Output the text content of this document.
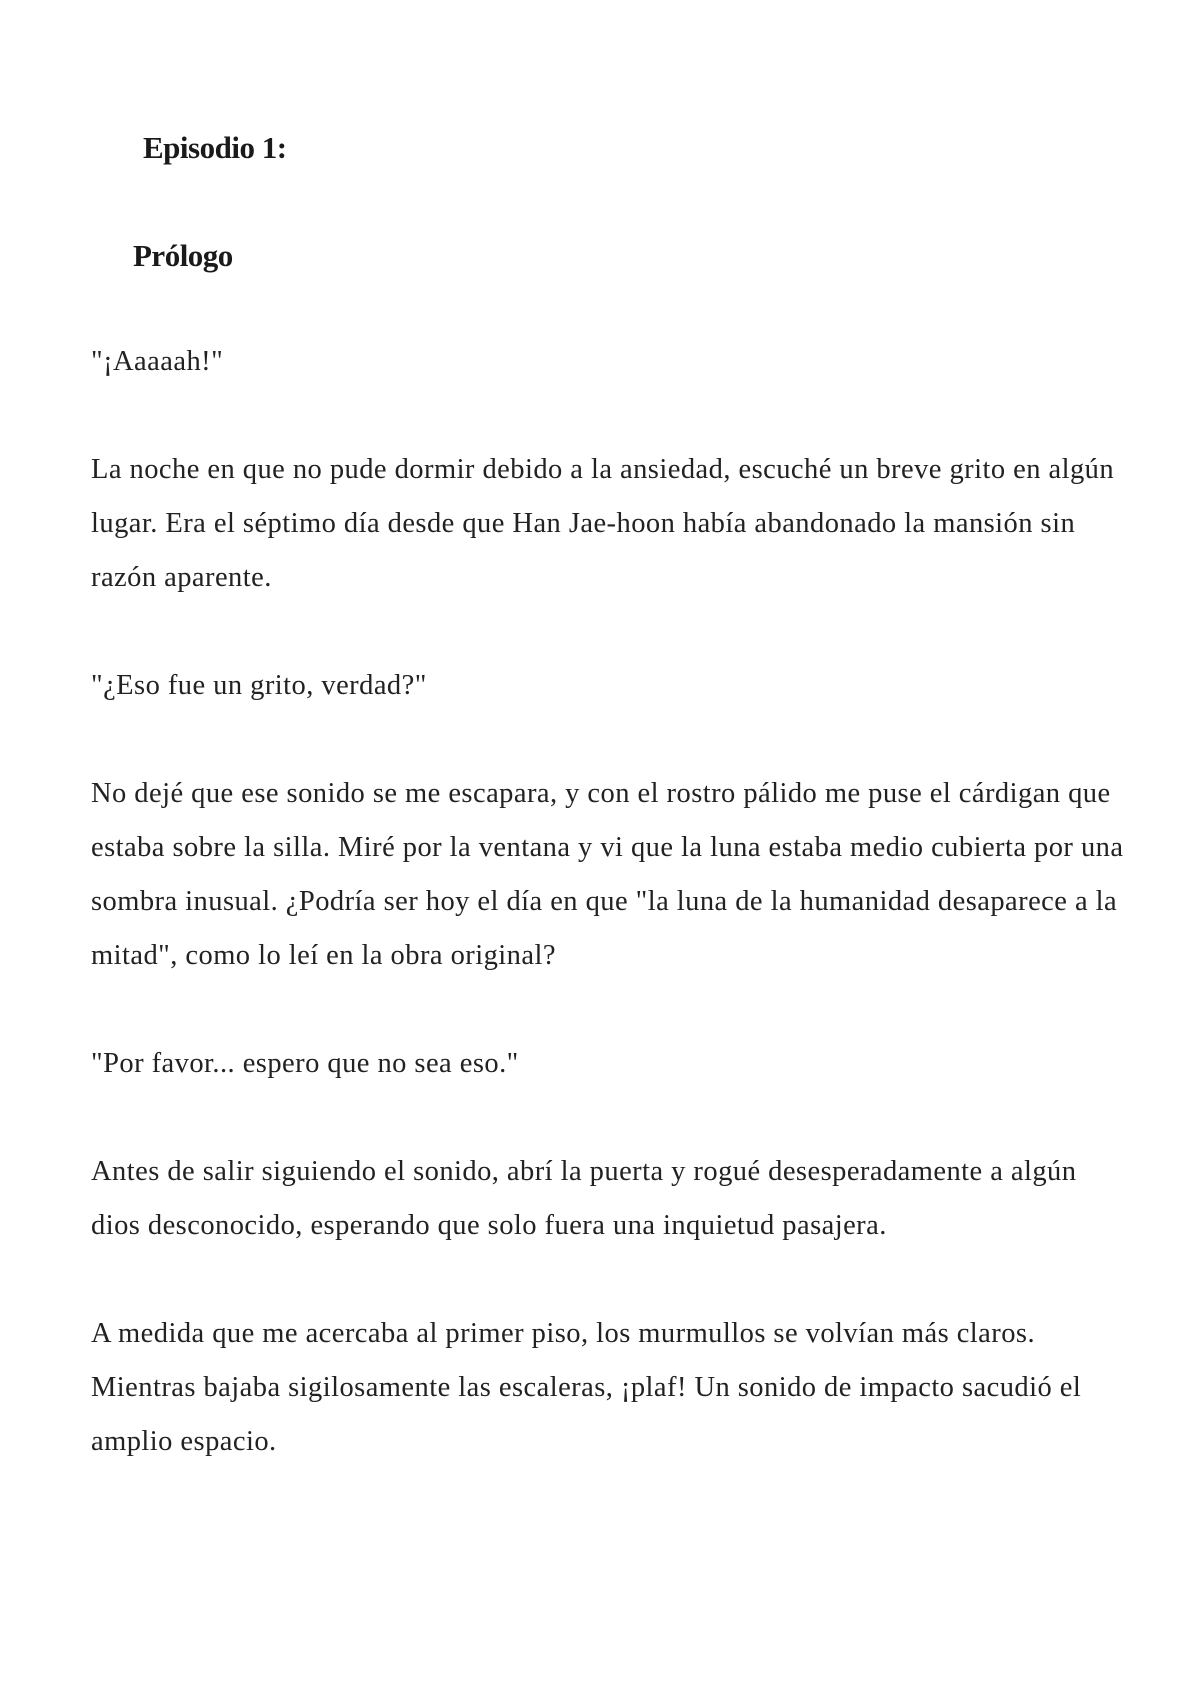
Episodio 1:
Prólogo

"¡Aaaaah!"

La noche en que no pude dormir debido a la ansiedad, escuché un breve grito en algún lugar. Era el séptimo día desde que Han Jae-hoon había abandonado la mansión sin razón aparente.

"¿Eso fue un grito, verdad?"

No dejé que ese sonido se me escapara, y con el rostro pálido me puse el cárdigan que estaba sobre la silla. Miré por la ventana y vi que la luna estaba medio cubierta por una sombra inusual. ¿Podría ser hoy el día en que "la luna de la humanidad desaparece a la mitad", como lo leí en la obra original?

"Por favor... espero que no sea eso."

Antes de salir siguiendo el sonido, abrí la puerta y rogué desesperadamente a algún dios desconocido, esperando que solo fuera una inquietud pasajera.

A medida que me acercaba al primer piso, los murmullos se volvían más claros. Mientras bajaba sigilosamente las escaleras, ¡plaf! Un sonido de impacto sacudió el amplio espacio.
